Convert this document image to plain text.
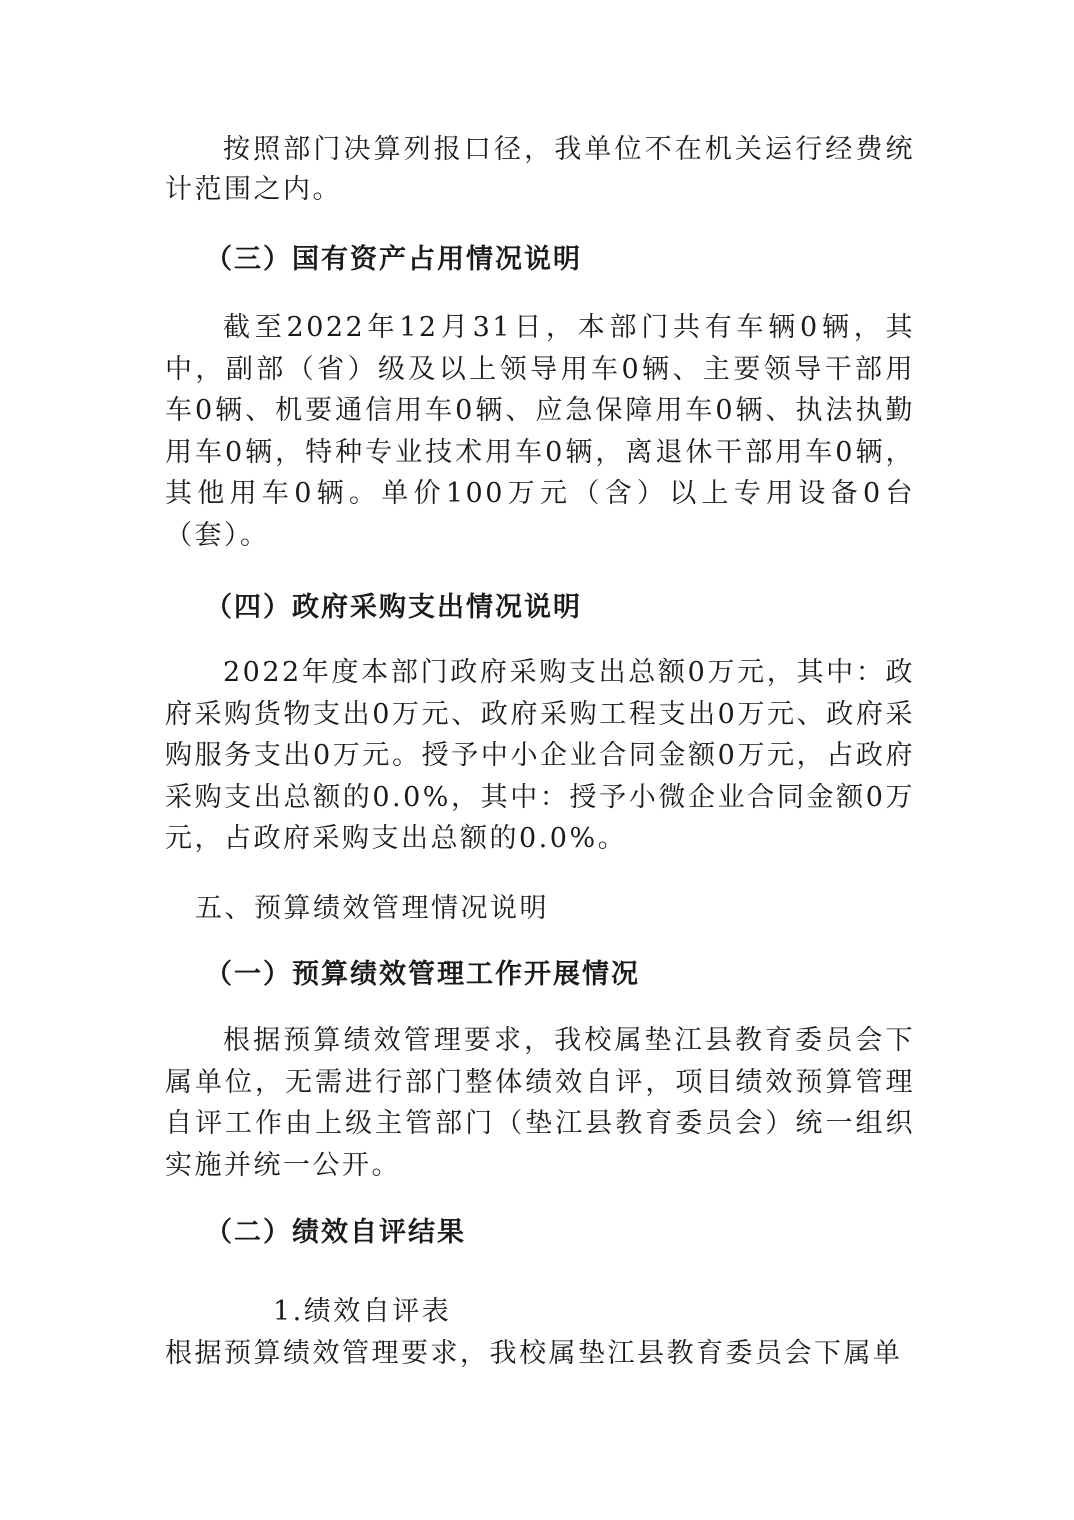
按照部门决算列报口径，我单位不在机关运行经费统计范围之内。

（三）国有资产占用情况说明

截至2022年12月31日，本部门共有车辆0辆，其中，副部（省）级及以上领导用车0辆、主要领导干部用车0辆、机要通信用车0辆、应急保障用车0辆、执法执勤用车0辆，特种专业技术用车0辆，离退休干部用车0辆，其他用车0辆。单价100万元（含）以上专用设备0台（套）。

（四）政府采购支出情况说明

2022年度本部门政府采购支出总额0万元，其中：政府采购货物支出0万元、政府采购工程支出0万元、政府采购服务支出0万元。授予中小企业合同金额0万元，占政府采购支出总额的0.0%，其中：授予小微企业合同金额0万元，占政府采购支出总额的0.0%。

五、预算绩效管理情况说明
（一）预算绩效管理工作开展情况

根据预算绩效管理要求，我校属垫江县教育委员会下属单位，无需进行部门整体绩效自评，项目绩效预算管理自评工作由上级主管部门（垫江县教育委员会）统一组织实施并统一公开。

（二）绩效自评结果
1.绩效自评表

根据预算绩效管理要求，我校属垫江县教育委员会下属单
